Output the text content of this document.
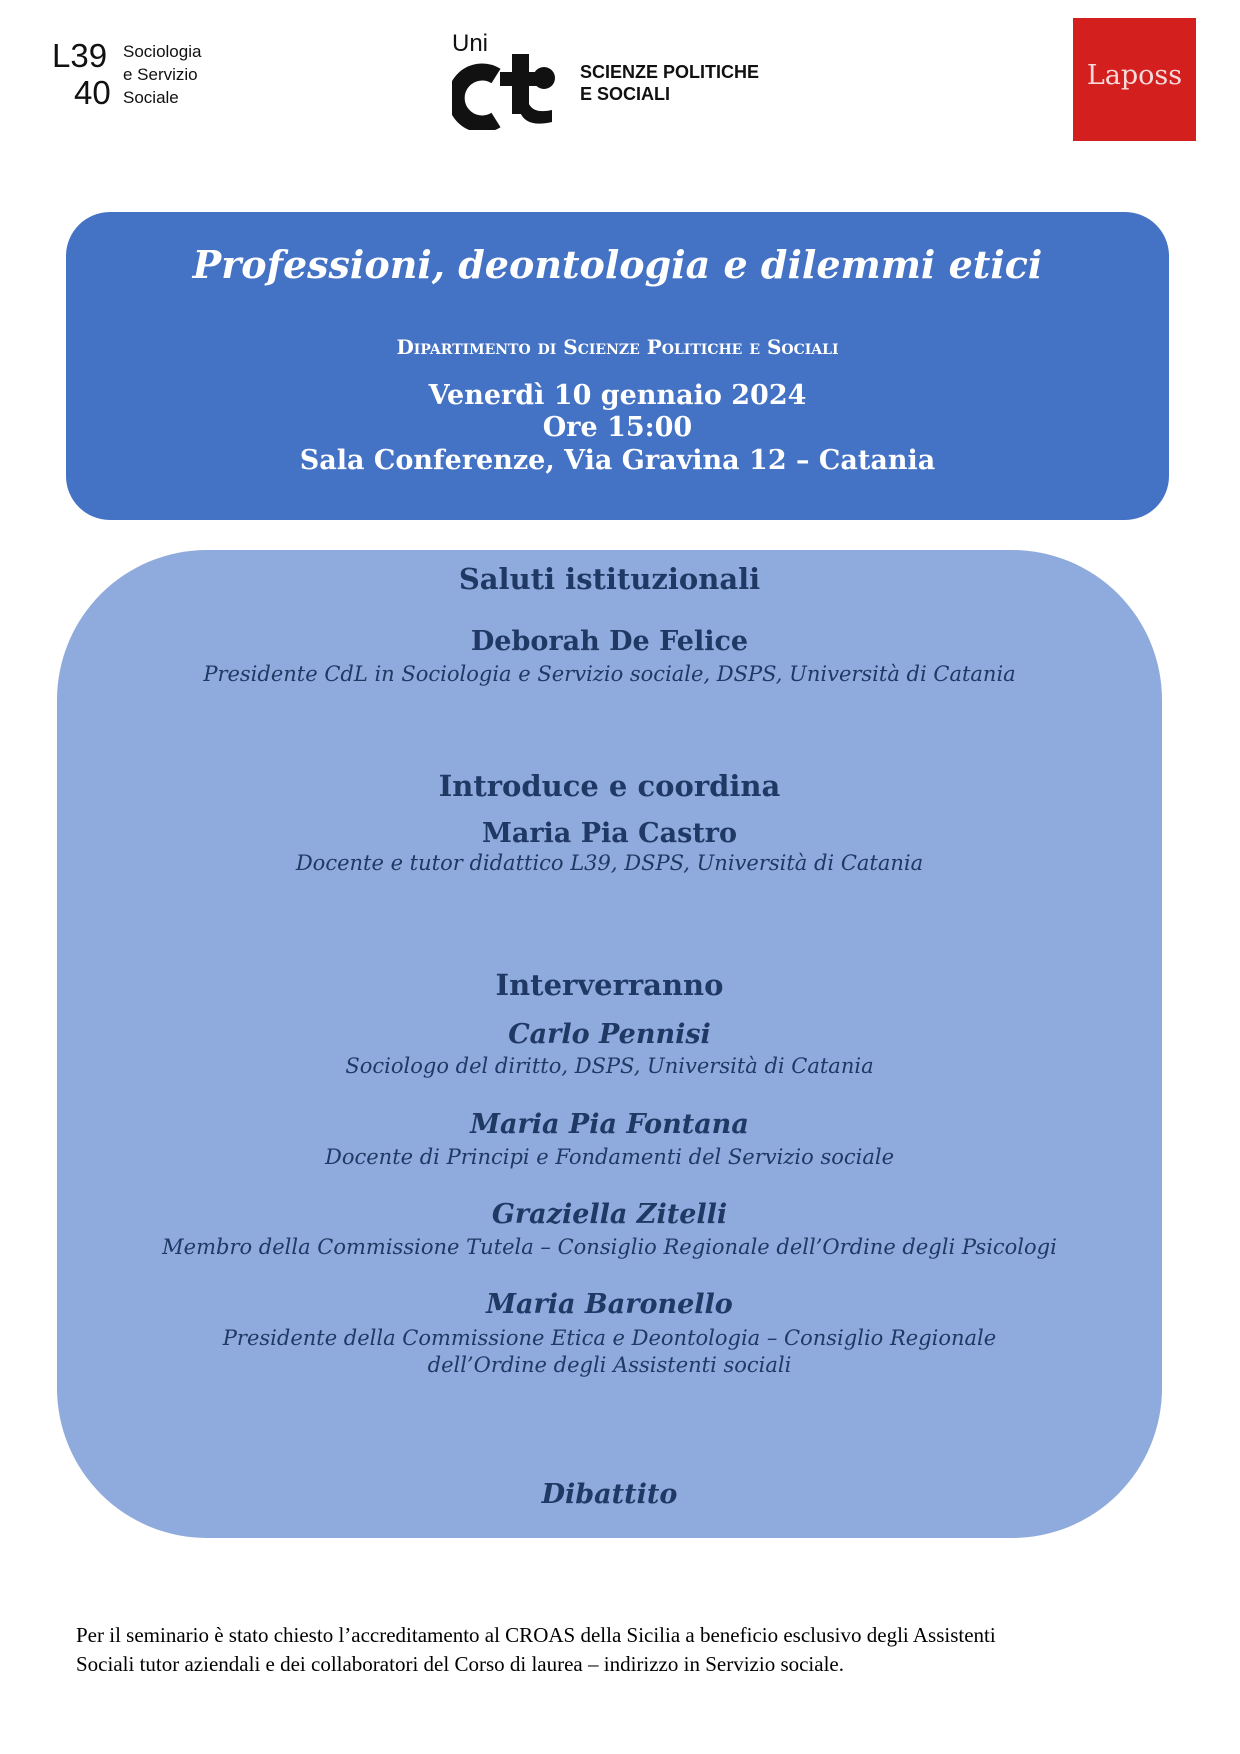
L39
40
Sociologia
e Servizio
Sociale
Uni
SCIENZE POLITICHE
E SOCIALI
Laposs
Professioni, deontologia e dilemmi etici
Dipartimento di Scienze Politiche e Sociali
Venerdì 10 gennaio 2024
Ore 15:00
Sala Conferenze, Via Gravina 12 – Catania
Saluti istituzionali
Deborah De Felice
Presidente CdL in Sociologia e Servizio sociale, DSPS, Università di Catania
Introduce e coordina
Maria Pia Castro
Docente e tutor didattico L39, DSPS, Università di Catania
Interverranno
Carlo Pennisi
Sociologo del diritto, DSPS, Università di Catania
Maria Pia Fontana
Docente di Principi e Fondamenti del Servizio sociale
Graziella Zitelli
Membro della Commissione Tutela – Consiglio Regionale dell’Ordine degli Psicologi
Maria Baronello
Presidente della Commissione Etica e Deontologia – Consiglio Regionale
dell’Ordine degli Assistenti sociali
Dibattito
Per il seminario è stato chiesto l’accreditamento al CROAS della Sicilia a beneficio esclusivo degli Assistenti
Sociali tutor aziendali e dei collaboratori del Corso di laurea – indirizzo in Servizio sociale.
